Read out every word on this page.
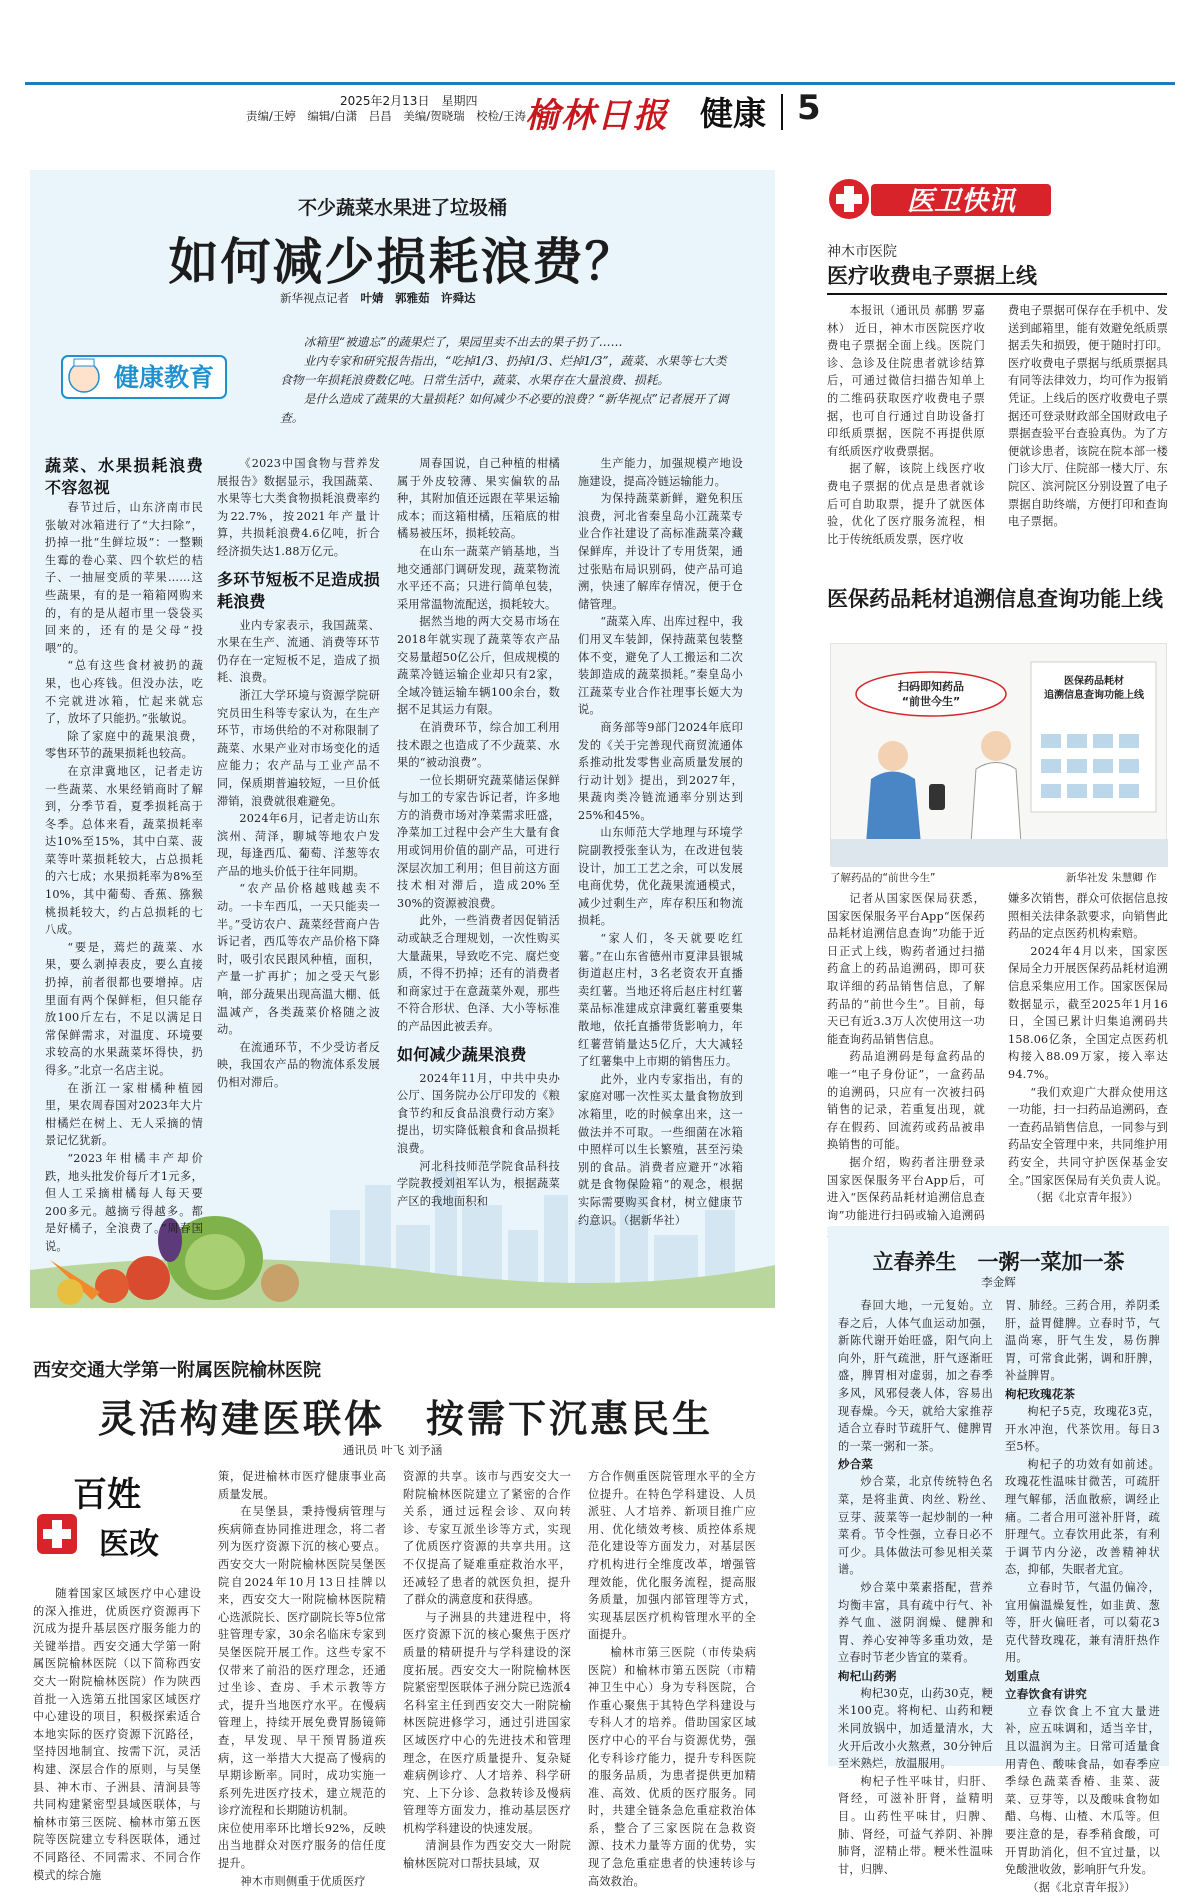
2025年2月13日　星期四
责编/王婷　编辑/白潇　吕昌　美编/贺晓瑞　校检/王涛 榆林日报 健康 5
不少蔬菜水果进了垃圾桶
如何减少损耗浪费？
新华视点记者　 叶婧　郭雅茹　许舜达
健康教育

冰箱里“被遗忘”的蔬果烂了，果园里卖不出去的果子扔了……

业内专家和研究报告指出，“吃掉1/3、扔掉1/3、烂掉1/3”，蔬菜、水果等七大类食物一年损耗浪费数亿吨。日常生活中，蔬菜、水果存在大量浪费、损耗。

是什么造成了蔬果的大量损耗？如何减少不必要的浪费？“新华视点”记者展开了调查。

蔬菜、水果损耗浪费不容忽视

春节过后，山东济南市民张敏对冰箱进行了“大扫除”，扔掉一批“生鲜垃圾”：一整颗生霉的卷心菜、四个软烂的桔子、一抽屉变质的苹果……这些蔬果，有的是一箱箱网购来的，有的是从超市里一袋袋买回来的，还有的是父母“投喂”的。

“总有这些食材被扔的蔬果，也心疼钱。但没办法，吃不完就进冰箱，忙起来就忘了，放坏了只能扔。”张敏说。

除了家庭中的蔬果浪费，零售环节的蔬果损耗也较高。

在京津冀地区，记者走访一些蔬菜、水果经销商时了解到，分季节看，夏季损耗高于冬季。总体来看，蔬菜损耗率达10%至15%，其中白菜、菠菜等叶菜损耗较大，占总损耗的六七成；水果损耗率为8%至10%，其中葡萄、香蕉、猕猴桃损耗较大，约占总损耗的七八成。

“要是，蔫烂的蔬菜、水果，要么剥掉表皮，要么直接扔掉，前者很都也要增掉。店里面有两个保鲜柜，但只能存放100斤左右，不足以满足日常保鲜需求，对温度、环境要求较高的水果蔬菜坏得快，扔得多。”北京一名店主说。

在浙江一家柑橘种植园里，果农周春国对2023年大片柑橘烂在树上、无人采摘的情景记忆犹新。

“2023年柑橘丰产却价跌，地头批发价每斤才1元多，但人工采摘柑橘每人每天要200多元。越摘亏得越多。都是好橘子，全浪费了。”周春国说。

《2023中国食物与营养发展报告》数据显示，我国蔬菜、水果等七大类食物损耗浪费率约为22.7%，按2021年产量计算，共损耗浪费4.6亿吨，折合经济损失达1.88万亿元。

多环节短板不足造成损耗浪费

业内专家表示，我国蔬菜、水果在生产、流通、消费等环节仍存在一定短板不足，造成了损耗、浪费。

浙江大学环境与资源学院研究员田生科等专家认为，在生产环节，市场供给的不对称限制了蔬菜、水果产业对市场变化的适应能力；农产品与工业产品不同，保质期普遍较短，一旦价低滞销，浪费就很难避免。

2024年6月，记者走访山东滨州、菏泽，聊城等地农户发现，每逢西瓜、葡萄、洋葱等农产品的地头价低于往年同期。

“农产品价格越贱越卖不动。一卡车西瓜，一天只能卖一半。”受访农户、蔬菜经营商户告诉记者，西瓜等农产品价格下降时，吸引农民跟风种植，面积，产量一扩再扩；加之受天气影响，部分蔬果出现高温大棚、低温减产，各类蔬菜价格随之波动。

在流通环节，不少受访者反映，我国农产品的物流体系发展仍相对滞后。

周春国说，自己种植的柑橘属于外皮较薄、果实偏软的品种，其附加值还远跟在苹果运输成本；而这箱柑橘，压箱底的柑橘易被压坏，损耗较高。

在山东一蔬菜产销基地，当地交通部门调研发现，蔬菜物流水平还不高；只进行简单包装，采用常温物流配送，损耗较大。

据然当地的两大交易市场在2018年就实现了蔬菜等农产品交易量超50亿公斤，但成规模的蔬菜冷链运输企业却只有2家，全域冷链运输车辆100余台，数据不足其运力有限。

在消费环节，综合加工利用技术跟之也造成了不少蔬菜、水果的“被动浪费”。

一位长期研究蔬菜储运保鲜与加工的专家告诉记者，许多地方的消费市场对净菜需求旺盛，净菜加工过程中会产生大量有食用或饲用价值的副产品，可进行深层次加工利用；但目前这方面技术相对滞后，造成20%至30%的资源被浪费。

此外，一些消费者因促销活动或缺乏合理规划，一次性购买大量蔬果，导致吃不完、腐烂变质，不得不扔掉；还有的消费者和商家过于在意蔬菜外观，那些不符合形状、色泽、大小等标准的产品因此被丢弃。

如何减少蔬果浪费

2024年11月，中共中央办公厅、国务院办公厅印发的《粮食节约和反食品浪费行动方案》提出，切实降低粮食和食品损耗浪费。

河北科技师范学院食品科技学院教授刘祖军认为，根据蔬菜产区的我地面积和

生产能力，加强规模产地设施建设，提高冷链运输能力。

为保持蔬菜新鲜，避免积压浪费，河北省秦皇岛小江蔬菜专业合作社建设了高标准蔬菜冷藏保鲜库，并设计了专用货架，通过张贴布局识别码，使产品可追溯，快速了解库存情况，便于仓储管理。

“蔬菜入库、出库过程中，我们用叉车装卸，保持蔬菜包装整体不变，避免了人工搬运和二次装卸造成的蔬菜损耗。”秦皇岛小江蔬菜专业合作社理事长姬大为说。

商务部等9部门2024年底印发的《关于完善现代商贸流通体系推动批发零售业高质量发展的行动计划》提出，到2027年，果蔬肉类冷链流通率分别达到25%和45%。

山东师范大学地理与环境学院副教授张奎认为，在改进包装设计，加工工艺之余，可以发展电商优势，优化蔬果流通模式，减少过剩生产，库存积压和物流损耗。

“家人们，冬天就要吃红薯。”在山东省德州市夏津县银城街道赵庄村，3名老资农开直播卖红薯。当地还将后赵庄村红薯菜品标准建成京津冀红薯重要集散地，依托直播带货影响力，年红薯营销量达5亿斤，大大减轻了红薯集中上市期的销售压力。

此外，业内专家指出，有的家庭对哪一次性买太量食物放到冰箱里，吃的时候拿出来，这一做法并不可取。一些细菌在冰箱中照样可以生长繁殖，甚至污染别的食品。消费者应避开“冰箱就是食物保险箱”的观念，根据实际需要购买食材，树立健康节约意识。（据新华社）

医卫快讯
神木市医院
医疗收费电子票据上线

本报讯（通讯员 郝鹏 罗嘉林） 近日，神木市医院医疗收费电子票据全面上线。医院门诊、急诊及住院患者就诊结算后，可通过微信扫描告知单上的二维码获取医疗收费电子票据，也可自行通过自助设备打印纸质票据，医院不再提供原有纸质医疗收费票据。

据了解，该院上线医疗收费电子票据的优点是患者就诊后可自助取票，提升了就医体验，优化了医疗服务流程，相比于传统纸质发票，医疗收

费电子票据可保存在手机中、发送到邮箱里，能有效避免纸质票据丢失和损毁，便于随时打印。医疗收费电子票据与纸质票据具有同等法律效力，均可作为报销凭证。上线后的医疗收费电子票据还可登录财政部全国财政电子票据查验平台查验真伪。为了方便就诊患者，该院在院本部一楼门诊大厅、住院部一楼大厅、东院区、滨河院区分别设置了电子票据自助终端，方便打印和查询电子票据。

医保药品耗材追溯信息查询功能上线
扫码即知药品
“前世今生”
医保药品耗材
追溯信息查询功能上线
了解药品的“前世今生”	新华社发 朱慧卿 作

记者从国家医保局获悉，国家医保服务平台App“医保药品耗材追溯信息查询”功能于近日正式上线，购药者通过扫描药盒上的药品追溯码，即可获取详细的药品销售信息，了解药品的“前世今生”。目前，每天已有近3.3万人次使用这一功能查询药品销售信息。

药品追溯码是每盒药品的唯一“电子身份证”，一盒药品的追溯码，只应有一次被扫码销售的记录，若重复出现，就存在假药、回流药或药品被串换销售的可能。

据介绍，购药者注册登录国家医保服务平台App后，可进入“医保药品耗材追溯信息查询”功能进行扫码或输入追溯码

嫌多次销售，群众可依据信息按照相关法律条款要求，向销售此药品的定点医药机构索赔。

2024年4月以来，国家医保局全力开展医保药品耗材追溯信息采集应用工作。国家医保局数据显示，截至2025年1月16日，全国已累计归集追溯码共158.06亿条，全国定点医药机构接入88.09万家，接入率达94.7%。

“我们欢迎广大群众使用这一功能，扫一扫药品追溯码，查一查药品销售信息，一同参与到药品安全管理中来，共同维护用药安全，共同守护医保基金安全。”国家医保局有关负责人说。

（据《北京青年报》）

立春养生　一粥一菜加一茶
李金辉

春回大地，一元复始。立春之后，人体气血运动加强，新陈代谢开始旺盛，阳气向上向外，肝气疏泄，肝气逐渐旺盛，脾胃相对虚弱，加之春季多风，风邪侵袭人体，容易出现春燥。今天，就给大家推荐适合立春时节疏肝气、健脾胃的一菜一粥和一茶。

炒合菜

炒合菜，北京传统特色名菜，是将韭黄、肉丝、粉丝、豆芽、菠菜等一起炒制的一种菜肴。节令性强，立春日必不可少。具体做法可参见相关菜谱。

炒合菜中菜素搭配，营养均衡丰富，具有疏中行气、补养气血、滋阴润燥、健脾和胃、养心安神等多重功效，是立春时节老少皆宜的菜肴。

枸杞山药粥

枸杞30克，山药30克，粳米100克。将枸杞、山药和粳米同放锅中，加适量清水，大火开后改小火熬煮，30分钟后至米熟烂，放温服用。

枸杞子性平味甘，归肝、肾经，可滋补肝肾，益精明目。山药性平味甘，归脾、肺、肾经，可益气养阴、补脾肺肾，涩精止带。粳米性温味甘，归脾、

胃、肺经。三药合用，养阴柔肝，益胃健脾。立春时节，气温尚寒，肝气生发，易伤脾胃，可常食此粥，调和肝脾，补益脾胃。

枸杞玫瑰花茶

枸杞子5克，玫瑰花3克，开水冲泡，代茶饮用。每日3至5杯。

枸杞子的功效有如前述。玫瑰花性温味甘微苦，可疏肝理气解郁，活血散瘀，调经止痛。二者合用可滋补肝肾，疏肝理气。立春饮用此茶，有利于调节内分泌，改善精神状态，抑郁，失眠者尤宜。

立春时节，气温仍偏冷，宜用偏温燥复性，如韭黄、葱等，肝火偏旺者，可以菊花3克代替玫瑰花，兼有清肝热作用。

划重点
立春饮食有讲究

立春饮食上不宜大量进补，应五味调和，适当辛甘，且以温润为主。日常可适量食用青色、酸味食品，如春季应季绿色蔬菜香椿、韭菜、菠菜、豆芽等，以及酸味食物如醋、乌梅、山楂、木瓜等。但要注意的是，春季稍食酸，可开胃助消化，但不宜过量，以免酸泄收敛，影响肝气升发。

（据《北京青年报》）

西安交通大学第一附属医院榆林医院
灵活构建医联体　按需下沉惠民生
通讯员 叶飞 刘予涵
百姓
医改

随着国家区域医疗中心建设的深入推进，优质医疗资源再下沉成为提升基层医疗服务能力的关键举措。西安交通大学第一附属医院榆林医院（以下简称西安交大一附院榆林医院）作为陕西首批一入选第五批国家区域医疗中心建设的项目，积极探索适合本地实际的医疗资源下沉路径，坚持因地制宜、按需下沉，灵活构建、深层合作的原则，与吴堡县、神木市、子洲县、清涧县等共同构建紧密型县域医联体，与榆林市第三医院、榆林市第五医院等医院建立专科医联体，通过不同路径、不同需求、不同合作模式的综合施

策，促进榆林市医疗健康事业高质量发展。

在吴堡县，秉持慢病管理与疾病筛查协同推进理念，将二者列为医疗资源下沉的核心要点。西安交大一附院榆林医院吴堡医院自2024年10月13日挂牌以来，西安交大一附院榆林医院精心选派院长、医疗副院长等5位常驻管理专家，30余名临床专家到吴堡医院开展工作。这些专家不仅带来了前沿的医疗理念，还通过坐诊、查房、手术示教等方式，提升当地医疗水平。在慢病管理上，持续开展免费胃肠镜筛查，早发现、早干预胃肠道疾病，这一举措大大提高了慢病的早期诊断率。同时，成功实施一系列先进医疗技术，建立规范的诊疗流程和长期随访机制。

床位使用率环比增长92%，反映出当地群众对医疗服务的信任度提升。

神木市则侧重于优质医疗

资源的共享。该市与西安交大一附院榆林医院建立了紧密的合作关系，通过远程会诊、双向转诊、专家互派坐诊等方式，实现了优质医疗资源的共享共用。这不仅提高了疑难重症救治水平，还减轻了患者的就医负担，提升了群众的满意度和获得感。

与子洲县的共建进程中，将医疗资源下沉的核心聚焦于医疗质量的精研提升与学科建设的深度拓展。西安交大一附院榆林医院紧密型医联体子洲分院已选派4名科室主任到西安交大一附院榆林医院进修学习，通过引进国家区域医疗中心的先进技术和管理理念，在医疗质量提升、复杂疑难病例诊疗、人才培养、科学研究、上下分诊、急救转诊及慢病管理等方面发力，推动基层医疗机构学科建设的快速发展。

清涧县作为西安交大一附院榆林医院对口帮扶县域，双

方合作侧重医院管理水平的全方位提升。在特色学科建设、人员派驻、人才培养、新项目推广应用、优化绩效考核、质控体系规范化建设等方面发力，对基层医疗机构进行全维度改革，增强管理效能，优化服务流程，提高服务质量，加强内部管理等方式，实现基层医疗机构管理水平的全面提升。

榆林市第三医院（市传染病医院）和榆林市第五医院（市精神卫生中心）身为专科医院，合作重心聚焦于其特色学科建设与专科人才的培养。借助国家区域医疗中心的平台与资源优势，强化专科诊疗能力，提升专科医院的服务品质，为患者提供更加精准、高效、优质的医疗服务。同时，共建全链条急危重症救治体系，整合了三家医院在急救资源、技术力量等方面的优势，实现了急危重症患者的快速转诊与高效救治。
